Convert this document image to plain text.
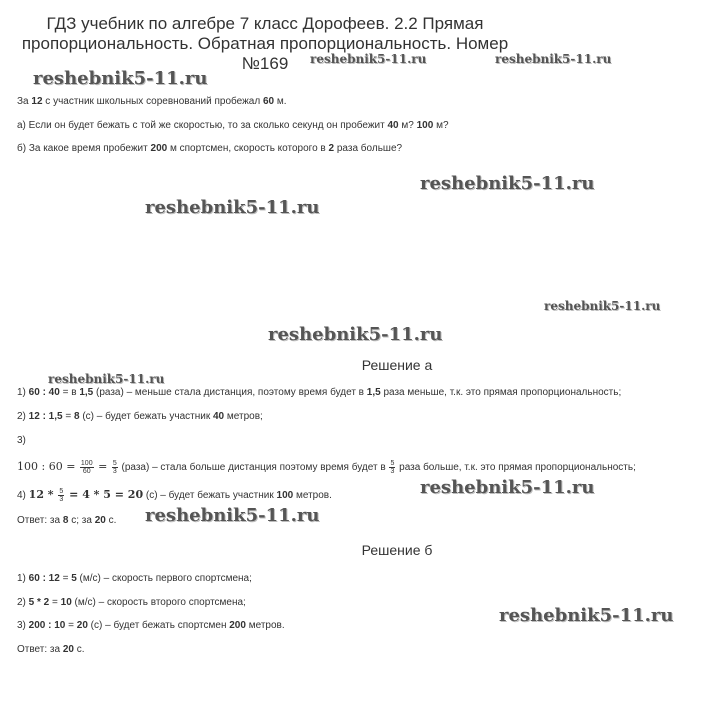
ГДЗ учебник по алгебре 7 класс Дорофеев. 2.2 Прямая
пропорциональность. Обратная пропорциональность. Номер
№169
reshebnik5-11.ru
reshebnik5-11.ru	reshebnik5-11.ru
reshebnik5-11.ru
reshebnik5-11.ru
reshebnik5-11.ru
reshebnik5-11.ru
reshebnik5-11.ru
reshebnik5-11.ru
reshebnik5-11.ru
reshebnik5-11.ru
За 12 с участник школьных соревнований пробежал 60 м.
а) Если он будет бежать с той же скоростью, то за сколько секунд он пробежит 40 м? 100 м?
б) За какое время пробежит 200 м спортсмен, скорость которого в 2 раза больше?
Решение а
1) 60 : 40 = в 1,5 (раза) – меньше стала дистанция, поэтому время будет в 1,5 раза меньше, т.к. это прямая пропорциональность;
2) 12 : 1,5 = 8 (с) – будет бежать участник 40 метров;
3)
100 : $60 = \frac{100}{60} = \frac{5}{3}$ (раза) – стала больше дистанция поэтому время будет в $\frac{5}{3}$ раза больше, т.к. это прямая пропорциональность;
4) $12 * \frac{5}{3} = 4 * 5 = 20$ (с) – будет бежать участник 100 метров.
Ответ: за 8 с; за 20 с.
Решение б
1) 60 : 12 = 5 (м/с) – скорость первого спортсмена;
2) 5 * 2 = 10 (м/с) – скорость второго спортсмена;
3) 200 : 10 = 20 (с) – будет бежать спортсмен 200 метров.
Ответ: за 20 с.
